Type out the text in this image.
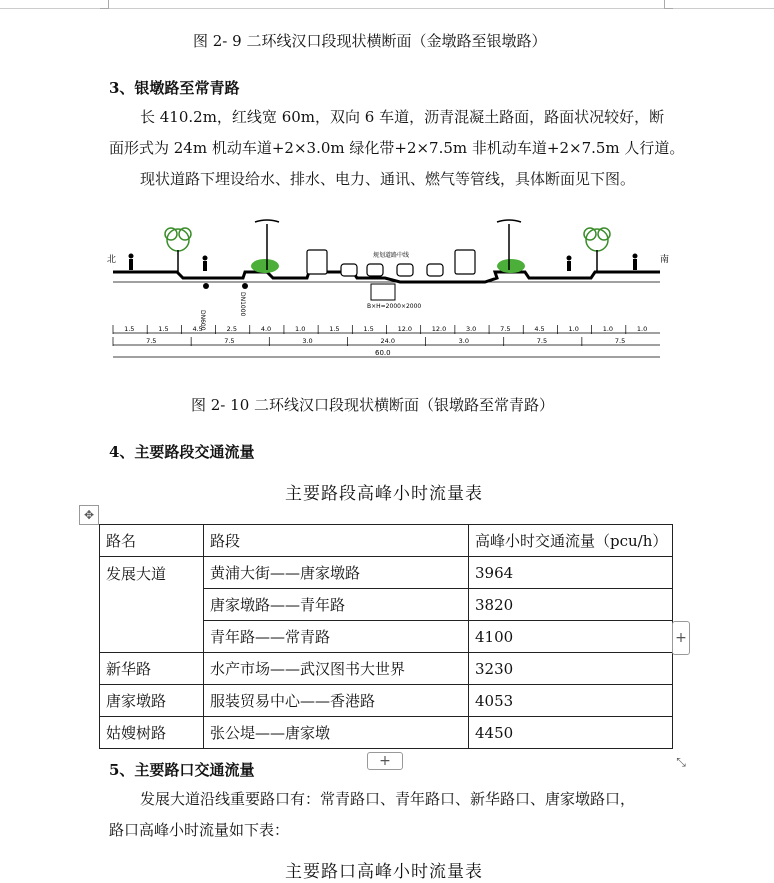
图 2- 9 二环线汉口段现状横断面（金墩路至银墩路）
3、银墩路至常青路
长 410.2m，红线宽 60m，双向 6 车道，沥青混凝土路面，路面状况较好，断
面形式为 24m 机动车道+2×3.0m 绿化带+2×7.5m 非机动车道+2×7.5m 人行道。
现状道路下埋设给水、排水、电力、通讯、燃气等管线，具体断面见下图。
北	南
规划道路中线
B×H=2000×2000
DN600
DN1000
1.5	1.5	4.5	2.5	4.0	1.0	1.5	1.5	12.0	12.0	3.0	7.5	4.5	1.0	1.0	1.0
7.5	7.5	3.0	24.0	3.0	7.5	7.5
60.0
图 2- 10 二环线汉口段现状横断面（银墩路至常青路）
4、主要路段交通流量
主要路段高峰小时流量表
✥
路名	路段	高峰小时交通流量（pcu/h）
发展大道	黄浦大街——唐家墩路	3964
	唐家墩路——青年路	3820
	青年路——常青路	4100
新华路	水产市场——武汉图书大世界	3230
唐家墩路	服装贸易中心——香港路	4053
姑嫂树路	张公堤——唐家墩	4450
+
+	⤡
5、主要路口交通流量
发展大道沿线重要路口有：常青路口、青年路口、新华路口、唐家墩路口，
路口高峰小时流量如下表：
主要路口高峰小时流量表
